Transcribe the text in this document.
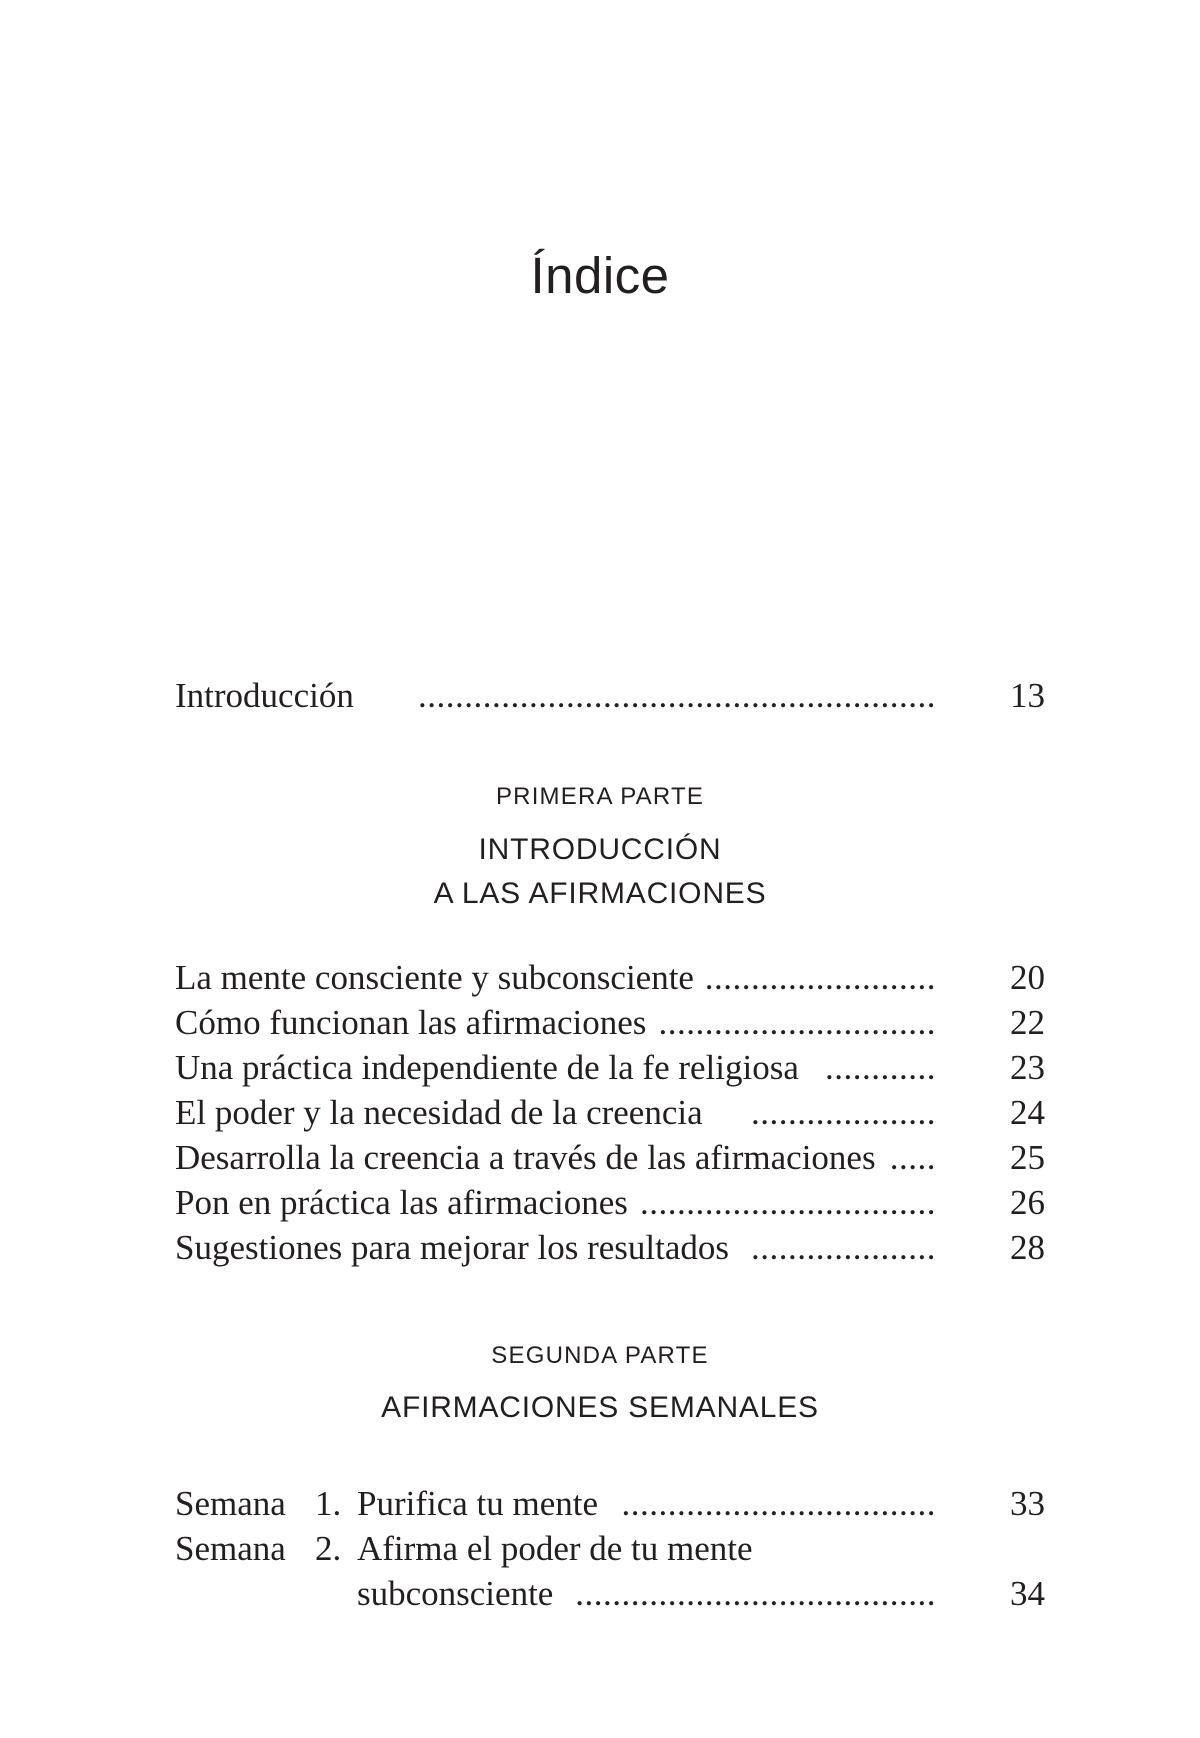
Índice
Introducción ........................................................	13
La mente consciente y subconsciente .........................	20
Cómo funcionan las afirmaciones ..............................	22
Una práctica independiente de la fe religiosa ............	23
El poder y la necesidad de la creencia ....................	24
Desarrolla la creencia a través de las afirmaciones .....	25
Pon en práctica las afirmaciones ................................	26
Sugestiones para mejorar los resultados ....................	28
Semana 1. Purifica tu mente ..................................	33
Semana 2. Afirma el poder de tu mente
subconsciente .......................................	34
PRIMERA PARTE
INTRODUCCIÓN
A LAS AFIRMACIONES
SEGUNDA PARTE
AFIRMACIONES SEMANALES
